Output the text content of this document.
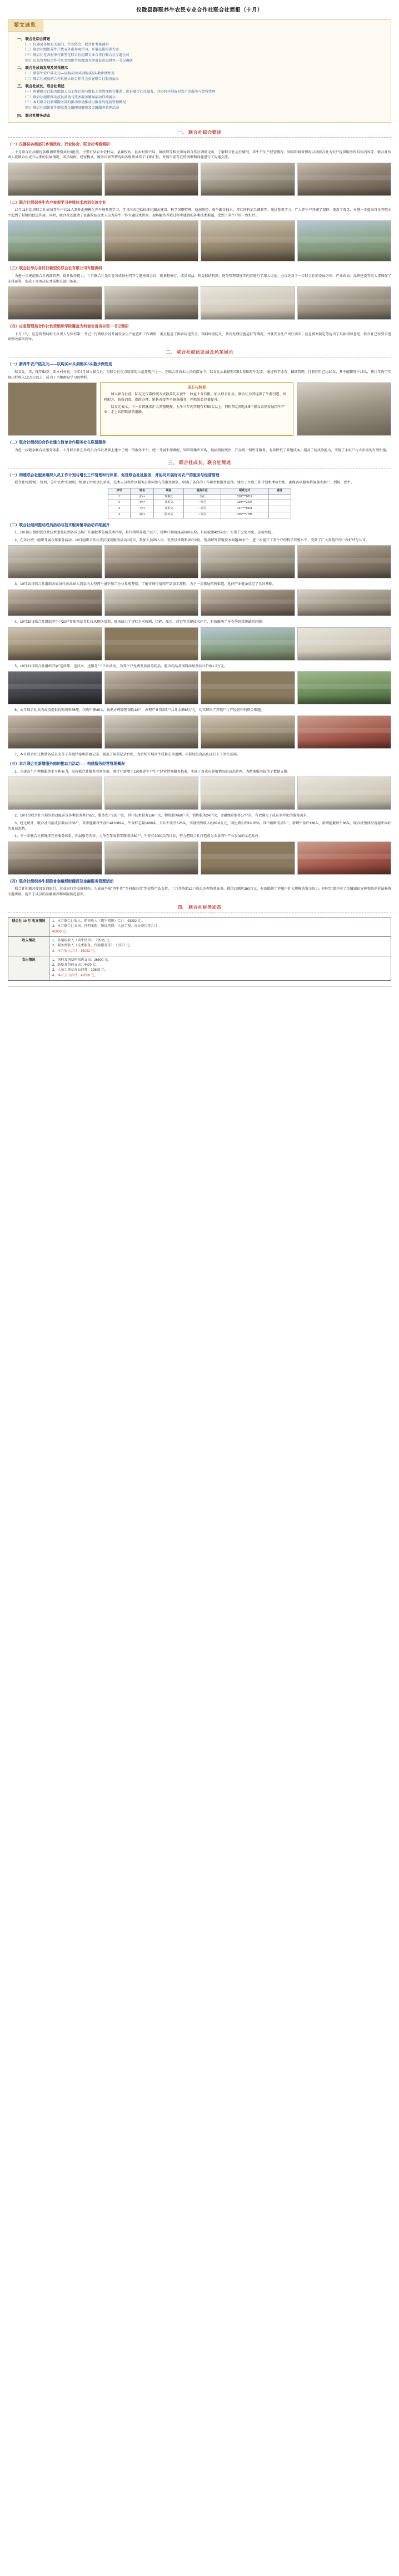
仪陇县群联养牛农民专业合作社联合社简报（十月）
要文速览
一、 联合社综合简述
（一）仪器县各级有关部门、行业协会、联合社考察调研
（二）联合社组织养牛户代表外出参观学习，开展技能培训专业
（三）联合社在各村举行新型化联合社组织专业合作社联合社专题会议
（四）应急管理局合作社负责组织学院覆盖为何衰业善良材里一书记调研
二、 联合社成员发展及风采展示
（一）新养牛农户陆友元—以购买30头别购买5头数步例性变
（二）联合社成员的合作社建立的合作社会员在联合社服务展示
三、 联合社成长、联合社简述
（一）构建联合社服务组织人员工作计划与增长工作管理和行体系、促进联合社社服务，并协同开展好对农户的服务与经营管理
（二）联合社组织推动成员活动与技术服务辅导活动详细展示
（三）本月联合社新增服务部的推动活动推动力服务的经营管理概况
（四）联合社组织养牛群股普金融理财健投及金融服务管理活动
四、 联合社财务动态
一、 联合社综合简述
（一）仪器县各级部门乡镇政府、行业协会、联合社考察调研

十月联合社共接待各级调研考察共计9批次，主要有县农业农村局、县畜牧站、县乡村振兴局、镇政府等相关领导到合作社调研走访，了解联合社运行情况、养牛户生产经营情况、饲草料储备情况以及联合社为农户提供服务的具体内容等。联合社负责人就联合社成立以来的发展情况、成员结构、经营模式、服务内容等情况向各级领导作了详细汇报，并就当前存在的困难和问题进行了沟通交流。

（二）联合社组织养牛农户参观学习养殖技术培训交流专业

10月11日组织联合社成员养牛户共21人到外地规模化养牛场参观学习，学习内容包括标准化圈舍建设、科学饲喂管理、疫病防控、母牛繁育技术、青贮饲料加工调制等。通过参观学习，广大养牛户开阔了视野、更新了观念，对进一步提高自身养殖水平起到了积极的促进作用。同时，联合社还邀请了县畜牧站技术人员为养牛户作专题技术讲座，现场解答养殖过程中遇到的各类技术难题，受到了养牛户的一致好评。

（三）联合社举办各村行新型化联合社有限公司专题调研

为进一步规范联合社内部管理、提升服务能力，十月联合社先后在各成员村召开专题座谈会议，就章程修订、成员权益、利益联结机制、财务管理制度等内容进行了深入讨论。会议还对下一步联合社的发展方向、产业布局、品牌建设等重大事项作了安排部署，形成了多项决议并报相关部门备案。

（四）应急管理局合作社负责组织学院覆盖为何衰业善良材里一书记调研

十月下旬，应急管理局相关负责人与驻村第一书记一行到联合社开展安全生产检查和工作调研，重点检查了圈舍用电安全、饲料库房防火、粪污处理设施运行等情况，并就安全生产责任落实、应急预案制定等提出了具体指导意见，联合社已按要求逐项整改落实到位。

二、 联合社成员发展及风采展示
（一）新养牛农户陆友元——以购买30头到购买5头数步例性变

陆友元，男，现年52岁，系本村村民，今年3月加入联合社，是联合社重点培养的示范养殖户之一。在联合社技术人员的指导下，陆友元从最初购买5头基础母牛起步，通过科学选育、精细管理，目前存栏已达30头，其中能繁母牛18头，预计年内可实现出栏收入12万元以上，成为了当地群众学习的榜样。

成长与转变

加入联合社前，陆友元仅靠传统方式散养几头黄牛，收益十分有限。加入联合社后，联合社为其提供了牛源引进、饲料配方、防疫消毒、保险办理、销售对接等全链条服务，养殖效益显著提升。

陆友元表示，下一步将继续扩大养殖规模，力争三年内实现存栏50头以上，同时带动周边3-5户群众共同发展肉牛产业，走上共同致富的道路。

（二）联合社组织的合作社建立简单合作服务社在联盟服务

为进一步健全联合社服务体系，十月联合社在各成员合作社基础上建立了统一的服务平台，统一开展牛源调配、饲草料集中采购、疫病统防统治、产品统一销售等服务，有效降低了养殖成本，提高了抗风险能力，实现了小农户与大市场的有效衔接。

三、 联合社成长、联合社简述
（一）构建联合社服务组织人员工作计划与增长工作管理和行体系、促进联合社社服务，并协同开展好对农户的服务与经营管理

联合社按照"统一管理、分片负责"的原则，组建了由理事长牵头、技术人员和片区服务员共同参与的服务团队，明确了各自的工作职责和服务范围，建立了月度工作计划和考核台账，确保各项服务措施落实到户、到场、到牛。

序号	姓名	职务	服务片区	联系方式	备注
1	张××	理事长	全社	138****0012	
2	李××	技术员	一片区	139****2234	
3	王××	技术员	二片区	137****5561	
4	刘××	服务员	三片区	135****7788	
（二）联合社组织推动成员活动与技术服务辅导活动详细展开

1、10月6日组织联合社技术服务队到各成员场户开展秋季防疫技术指导，累计指导养殖户36户，接种口蹄疫疫苗860头份，布病检测420头份，实现了应免尽免、应检尽检。

2、在各社统一组织开展合作服务活动。10月组织合作社成员现场服务活动1场次，参加人员85人次，发放技术资料200余份，现场解答养殖技术问题30余个，进一步提升了养牛户的科学养殖水平，受到了广大养殖户的一致好评与认可。

3、10月10日联合社组织各成员代表共20人到县内大型肉牛屠宰加工企业参观考察，了解市场行情和产品加工流程，为下一步拓展销售渠道、延伸产业链条奠定了良好基础。

4、10月20日联合社组织养牛户20户参加饲草青贮技术现场培训，现场演示了青贮玉米收割、切碎、压实、封窖等关键技术环节，有效解决了冬春季饲草短缺的问题。

5、10月21日联合社组织开展"送政策、送技术、送服务"三下乡活动，为养牛户免费发放消毒药品、驱虫药品及饲料添加剂共计价值1.2万元。

6、本月联合社共为成员提供代购饲料86吨，代购牛源46头，协助办理养殖保险12户，办理产业贷款5户共计金额85万元，切实解决了养殖户生产经营中的资金难题。

7、本月联合社还协助各成员完善了养殖档案和防疫记录，规范了用药记录台账，为后续开展肉牛质量安全追溯、申报绿色食品认证打下了坚实基础。

（三）本月联合社新增服务部的推动力活动——构建服务经营管理概况

1、为提高生产种植服务水平和能力，发挥联合社服务引领作用，联合社新增了130套养牛户生产经营管理服务档案，实现了对成员养殖情况的动态管理，为精准服务提供了数据支撑。

2、10月份联合社开展的新冠疫苗等各类服务共计8次，服务农户235户次，其中技术服务126户次，物资服务68户次，销售服务24户次，金融保险服务17户次，有效满足了成员多样化的服务需求。

3、经过统计，联合社当前成员数共计68户，其中能繁母牛存栏411689头，牛存栏总量1668头，月出栏肉牛126头，实现销售收入约89.8万元，同比增长约18.26%。其中新增成员5户，新增牛存栏136头，新增能繁母牛86头，联合社整体呈现稳中向好的发展态势。

4、下一步联合社将继续完善服务体系、拓展服务内容，力争在年底前实现成员80户、牛存栏2000头的目标，努力把联合社打造成为全县肉牛产业发展的示范标杆。

（四）联合社组织养牛群股普金融理财健投及金融服务管理活动

联合社积极对接县农商银行、农业银行等金融机构，为成员争取"肉牛贷""乡村振兴贷"等信贷产品支持，十月共协助12户成员办理贷款业务，授信总额达260万元，有效缓解了养殖户扩大规模的资金压力。同时组织开展了金融知识宣传和防范非法集资专题讲座，提升了成员的金融素养和风险防范意识。

四、 联合社财务动态
联合社 10 月 收支情况	1、本月联合社收入：销售收入（肉牛销售）合计：93292 元。
2、本月联合社支出：饲料采购、防疫物资、人员工资、办公费用等合计：
42000 元。

收入情况	1、养殖场收入（肉牛销售）：79535 元。
2、服务费收入（技术服务、代购服务等）：13757 元。
3、本月收入合计：93292 元。

支出情况	1、饲料及饲草料采购支出：26800 元。
2、防疫及兽药支出：4400 元。
3、人员工资及办公经费：10800 元。
4、本月支出合计：42000 元。
